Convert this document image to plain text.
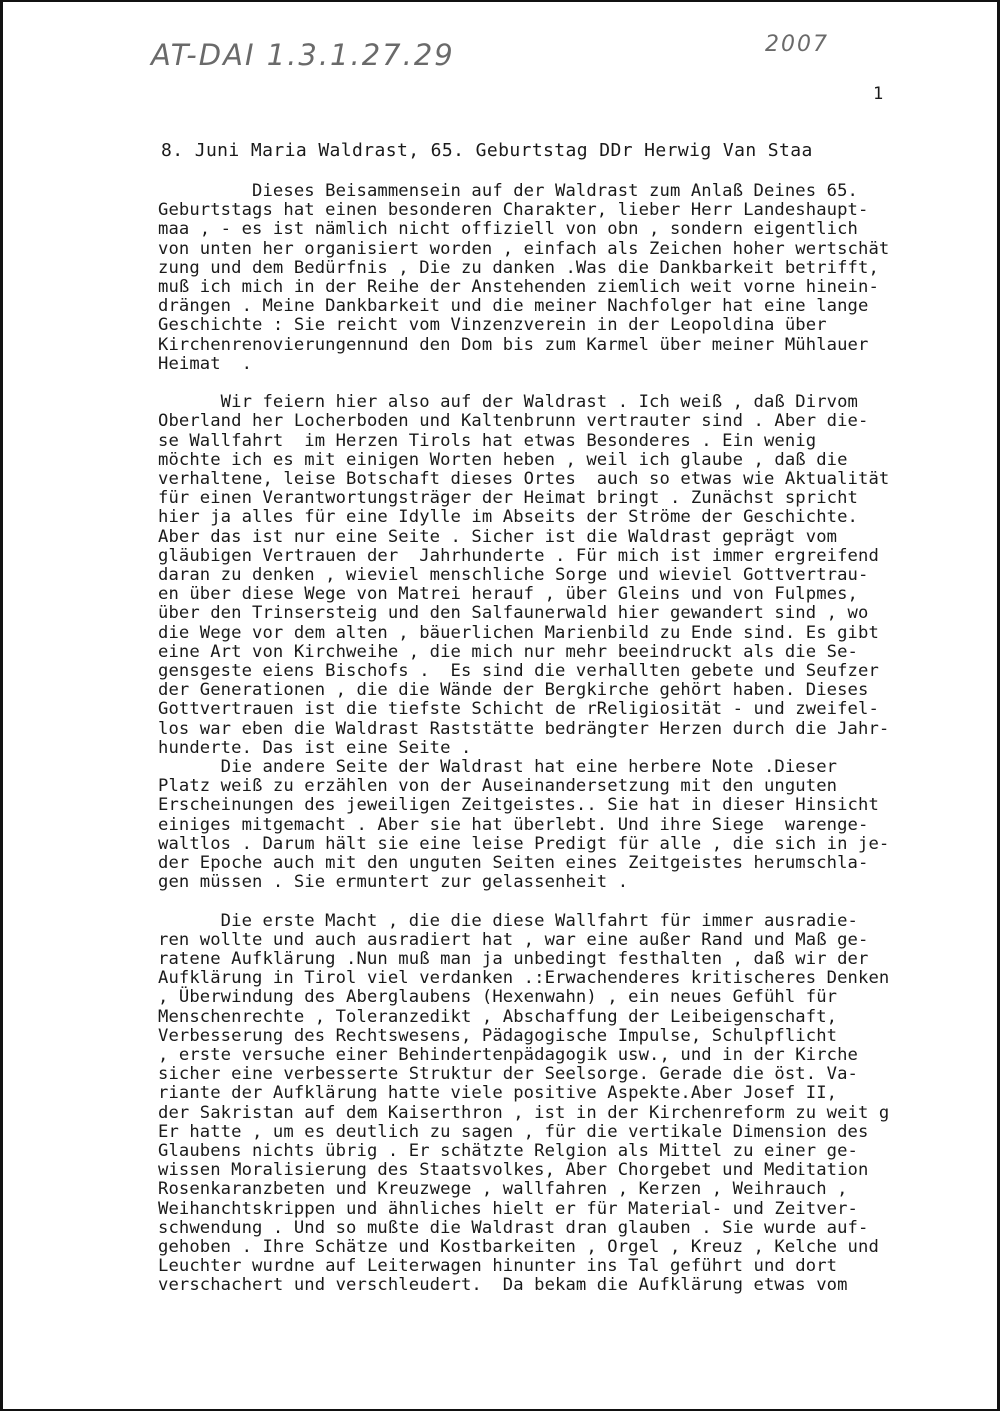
AT-DAI 1.3.1.27.29	2007
1
8. Juni Maria Waldrast, 65. Geburtstag DDr Herwig Van Staa
Dieses Beisammensein auf der Waldrast zum Anlaß Deines 65.
Geburtstags hat einen besonderen Charakter, lieber Herr Landeshaupt-
maa , - es ist nämlich nicht offiziell von obn , sondern eigentlich
von unten her organisiert worden , einfach als Zeichen hoher wertschät
zung und dem Bedürfnis , Die zu danken .Was die Dankbarkeit betrifft,
muß ich mich in der Reihe der Anstehenden ziemlich weit vorne hinein-
drängen . Meine Dankbarkeit und die meiner Nachfolger hat eine lange
Geschichte : Sie reicht vom Vinzenzverein in der Leopoldina über
Kirchenrenovierungennund den Dom bis zum Karmel über meiner Mühlauer
Heimat  .
Wir feiern hier also auf der Waldrast . Ich weiß , daß Dirvom
Oberland her Locherboden und Kaltenbrunn vertrauter sind . Aber die-
se Wallfahrt  im Herzen Tirols hat etwas Besonderes . Ein wenig
möchte ich es mit einigen Worten heben , weil ich glaube , daß die
verhaltene, leise Botschaft dieses Ortes  auch so etwas wie Aktualität
für einen Verantwortungsträger der Heimat bringt . Zunächst spricht
hier ja alles für eine Idylle im Abseits der Ströme der Geschichte.
Aber das ist nur eine Seite . Sicher ist die Waldrast geprägt vom
gläubigen Vertrauen der  Jahrhunderte . Für mich ist immer ergreifend
daran zu denken , wieviel menschliche Sorge und wieviel Gottvertrau-
en über diese Wege von Matrei herauf , über Gleins und von Fulpmes,
über den Trinsersteig und den Salfaunerwald hier gewandert sind , wo
die Wege vor dem alten , bäuerlichen Marienbild zu Ende sind. Es gibt
eine Art von Kirchweihe , die mich nur mehr beeindruckt als die Se-
gensgeste eiens Bischofs .  Es sind die verhallten gebete und Seufzer
der Generationen , die die Wände der Bergkirche gehört haben. Dieses
Gottvertrauen ist die tiefste Schicht de rReligiosität - und zweifel-
los war eben die Waldrast Raststätte bedrängter Herzen durch die Jahr-
hunderte. Das ist eine Seite .
Die andere Seite der Waldrast hat eine herbere Note .Dieser
Platz weiß zu erzählen von der Auseinandersetzung mit den unguten
Erscheinungen des jeweiligen Zeitgeistes.. Sie hat in dieser Hinsicht
einiges mitgemacht . Aber sie hat überlebt. Und ihre Siege  warenge-
waltlos . Darum hält sie eine leise Predigt für alle , die sich in je-
der Epoche auch mit den unguten Seiten eines Zeitgeistes herumschla-
gen müssen . Sie ermuntert zur gelassenheit .
Die erste Macht , die die diese Wallfahrt für immer ausradie-
ren wollte und auch ausradiert hat , war eine außer Rand und Maß ge-
ratene Aufklärung .Nun muß man ja unbedingt festhalten , daß wir der
Aufklärung in Tirol viel verdanken .:Erwachenderes kritischeres Denken
, Überwindung des Aberglaubens (Hexenwahn) , ein neues Gefühl für
Menschenrechte , Toleranzedikt , Abschaffung der Leibeigenschaft,
Verbesserung des Rechtswesens, Pädagogische Impulse, Schulpflicht
, erste versuche einer Behindertenpädagogik usw., und in der Kirche
sicher eine verbesserte Struktur der Seelsorge. Gerade die öst. Va-
riante der Aufklärung hatte viele positive Aspekte.Aber Josef II,
der Sakristan auf dem Kaiserthron , ist in der Kirchenreform zu weit g
Er hatte , um es deutlich zu sagen , für die vertikale Dimension des
Glaubens nichts übrig . Er schätzte Relgion als Mittel zu einer ge-
wissen Moralisierung des Staatsvolkes, Aber Chorgebet und Meditation
Rosenkaranzbeten und Kreuzwege , wallfahren , Kerzen , Weihrauch ,
Weihanchtskrippen und ähnliches hielt er für Material- und Zeitver-
schwendung . Und so mußte die Waldrast dran glauben . Sie wurde auf-
gehoben . Ihre Schätze und Kostbarkeiten , Orgel , Kreuz , Kelche und
Leuchter wurdne auf Leiterwagen hinunter ins Tal geführt und dort
verschachert und verschleudert.  Da bekam die Aufklärung etwas vom
